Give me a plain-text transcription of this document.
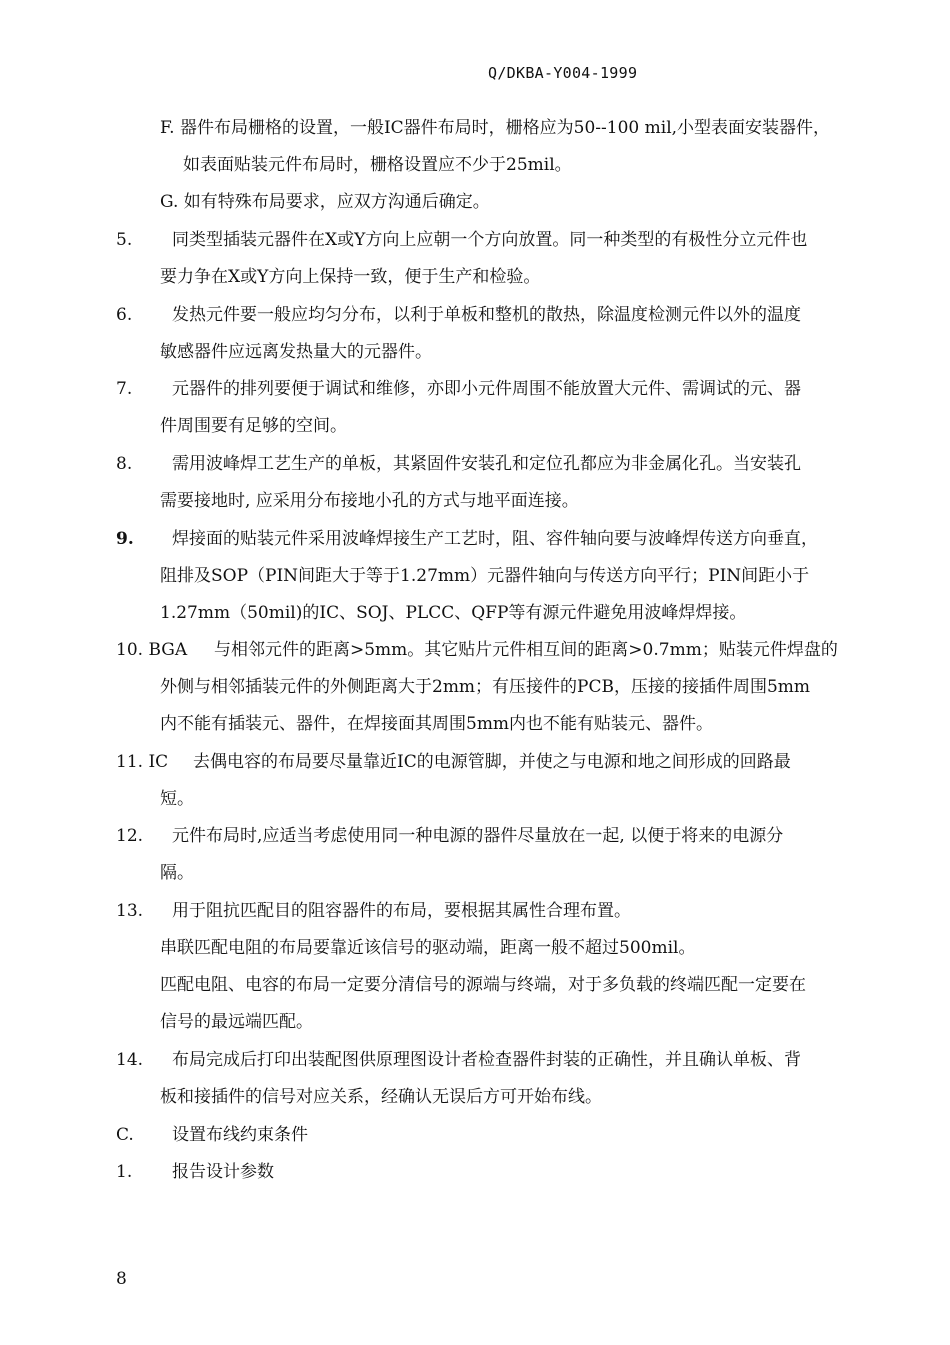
Q/DKBA-Y004-1999
F. 器件布局栅格的设置，一般IC器件布局时，栅格应为50--100 mil,小型表面安装器件，
如表面贴装元件布局时，栅格设置应不少于25mil。
G. 如有特殊布局要求，应双方沟通后确定。
5. 同类型插装元器件在X或Y方向上应朝一个方向放置。同一种类型的有极性分立元件也
要力争在X或Y方向上保持一致，便于生产和检验。
6. 发热元件要一般应均匀分布，以利于单板和整机的散热，除温度检测元件以外的温度
敏感器件应远离发热量大的元器件。
7. 元器件的排列要便于调试和维修，亦即小元件周围不能放置大元件、需调试的元、器
件周围要有足够的空间。
8. 需用波峰焊工艺生产的单板，其紧固件安装孔和定位孔都应为非金属化孔。当安装孔
需要接地时, 应采用分布接地小孔的方式与地平面连接。
9. 焊接面的贴装元件采用波峰焊接生产工艺时，阻、容件轴向要与波峰焊传送方向垂直，
阻排及SOP（PIN间距大于等于1.27mm）元器件轴向与传送方向平行；PIN间距小于
1.27mm（50mil)的IC、SOJ、PLCC、QFP等有源元件避免用波峰焊焊接。
10. BGA 与相邻元件的距离>5mm。其它贴片元件相互间的距离>0.7mm；贴装元件焊盘的
外侧与相邻插装元件的外侧距离大于2mm；有压接件的PCB，压接的接插件周围5mm
内不能有插装元、器件，在焊接面其周围5mm内也不能有贴装元、器件。
11. IC 去偶电容的布局要尽量靠近IC的电源管脚，并使之与电源和地之间形成的回路最
短。
12. 元件布局时,应适当考虑使用同一种电源的器件尽量放在一起, 以便于将来的电源分
隔。
13. 用于阻抗匹配目的阻容器件的布局，要根据其属性合理布置。
串联匹配电阻的布局要靠近该信号的驱动端，距离一般不超过500mil。
匹配电阻、电容的布局一定要分清信号的源端与终端，对于多负载的终端匹配一定要在
信号的最远端匹配。
14. 布局完成后打印出装配图供原理图设计者检查器件封装的正确性，并且确认单板、背
板和接插件的信号对应关系，经确认无误后方可开始布线。
C. 设置布线约束条件
1. 报告设计参数
8
